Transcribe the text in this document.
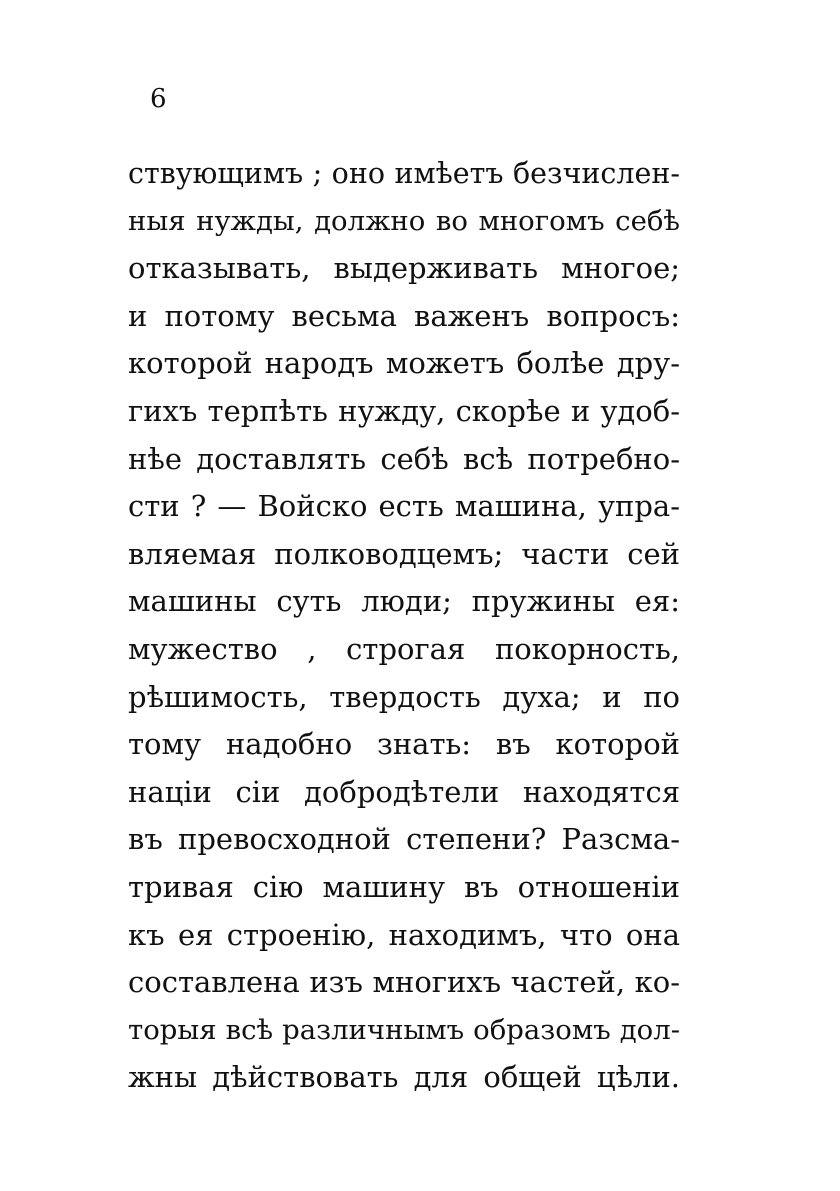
6
ствующимъ ; оно имѣетъ безчислен-
ныя нужды, должно во многомъ себѣ
отказывать, выдерживать многое;
и потому весьма важенъ вопросъ:
которой народъ можетъ болѣе дру-
гихъ терпѣть нужду, скорѣе и удоб-
нѣе доставлять себѣ всѣ потребно-
сти ? — Войско есть машина, упра-
вляемая полководцемъ; части сей
машины суть люди; пружины ея:
мужество , строгая покорность,
рѣшимость, твердость духа; и по
тому надобно знать: въ которой
націи сіи добродѣтели находятся
въ превосходной степени? Разсма-
тривая сію машину въ отношеніи
къ ея строенію, находимъ, что она
составлена изъ многихъ частей, ко-
торыя всѣ различнымъ образомъ дол-
жны дѣйствовать для общей цѣли.
